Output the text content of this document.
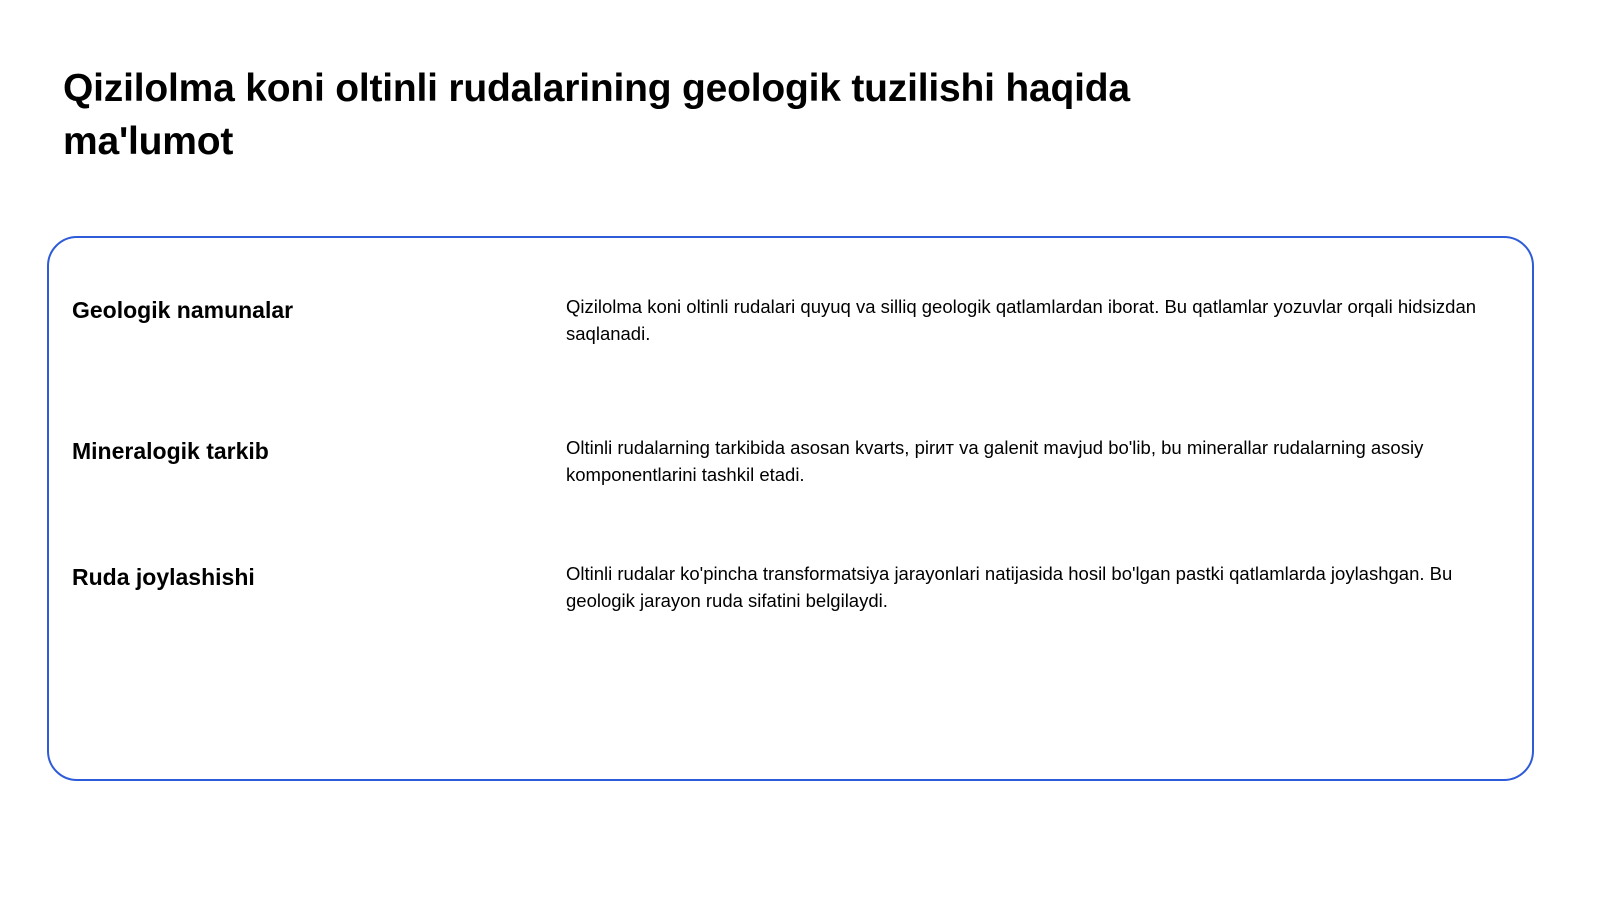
Qizilolma koni oltinli rudalarining geologik tuzilishi haqida ma'lumot
Geologik namunalar	Qizilolma koni oltinli rudalari quyuq va silliq geologik qatlamlardan iborat. Bu qatlamlar yozuvlar orqali hidsizdan saqlanadi.
Mineralogik tarkib	Oltinli rudalarning tarkibida asosan kvarts, pirит va galenit mavjud bo'lib, bu minerallar rudalarning asosiy komponentlarini tashkil etadi.
Ruda joylashishi	Oltinli rudalar ko'pincha transformatsiya jarayonlari natijasida hosil bo'lgan pastki qatlamlarda joylashgan. Bu geologik jarayon ruda sifatini belgilaydi.
